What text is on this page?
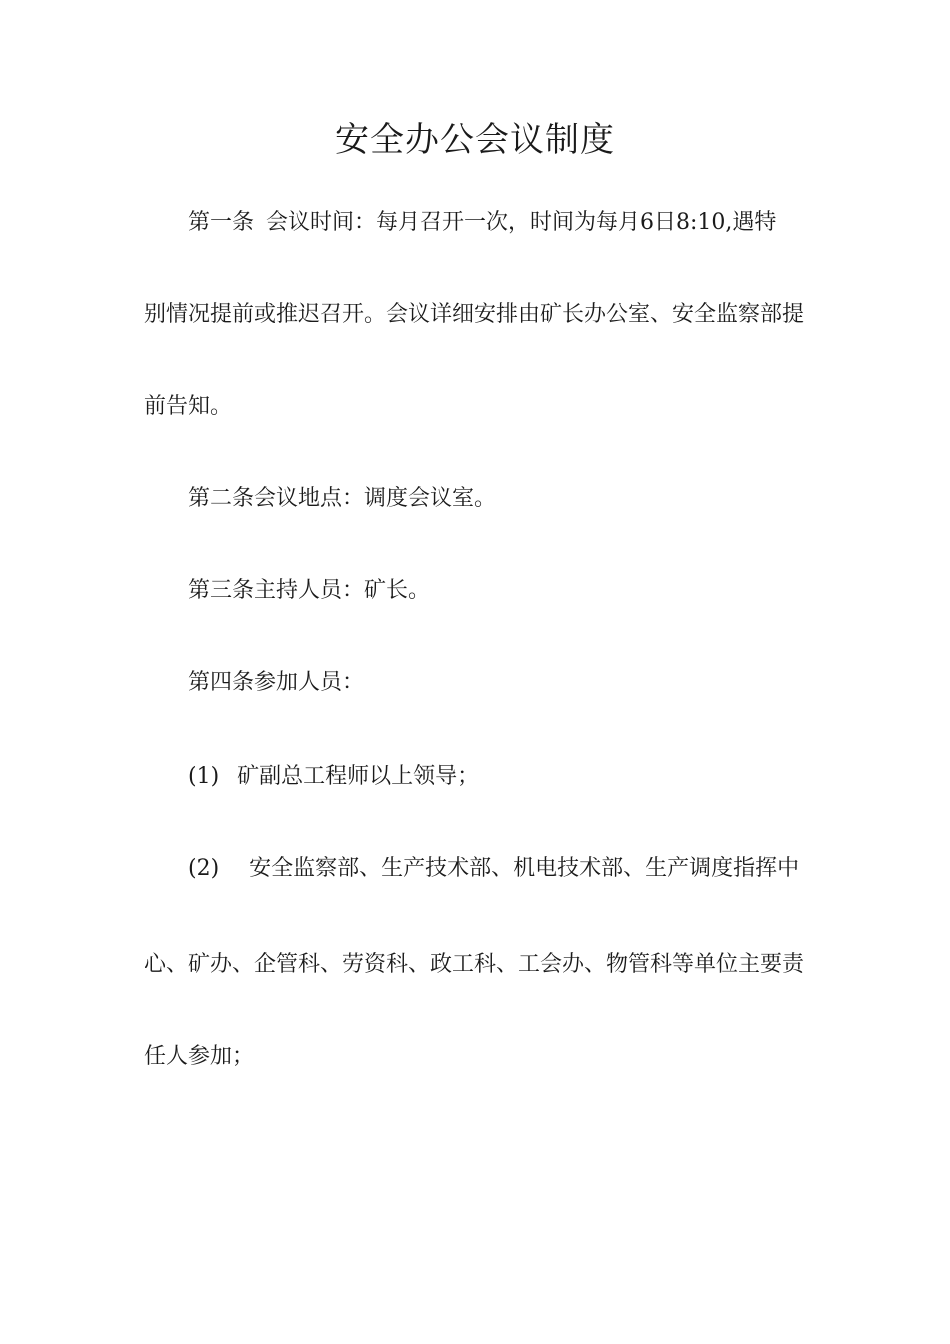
安全办公会议制度
第一条 会议时间：每月召开一次，时间为每月6日8:10,遇特
别情况提前或推迟召开。会议详细安排由矿长办公室、安全监察部提
前告知。
第二条会议地点：调度会议室。
第三条主持人员：矿长。
第四条参加人员：
(1) 矿副总工程师以上领导；
(2) 安全监察部、生产技术部、机电技术部、生产调度指挥中
心、矿办、企管科、劳资科、政工科、工会办、物管科等单位主要责
任人参加；
